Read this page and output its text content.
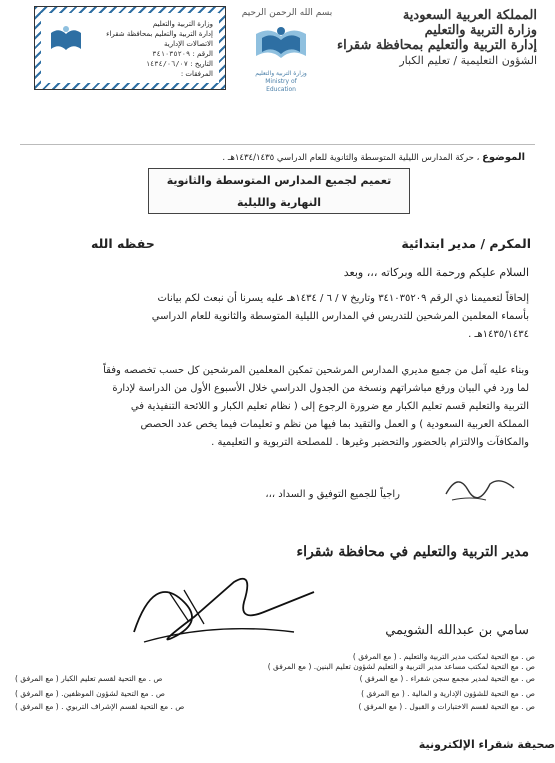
المملكة العربية السعودية
وزارة التربية والتعليم
إدارة التربية والتعليم بمحافظة شقراء
الشؤون التعليمية / تعليم الكبار
بسم الله الرحمن الرحيم
وزارة التربية والتعليم
Ministry of Education
وزارة التربية والتعليم
إدارة التربية والتعليم بمحافظة شقراء
الاتصالات الإدارية
الرقم : ٣٤١٠٣٥٢٠٩
التاريخ : ١٤٣٤/٠٦/٠٧
المرفقات :
الموضوع ، حركة المدارس الليلية المتوسطة والثانوية للعام الدراسي ١٤٣٤/١٤٣٥هـ .
تعميم لجميع المدارس المتوسطة والثانوية
النهارية والليلية
المكرم / مدير ابتدائية
حفظه الله
السلام عليكم ورحمة الله وبركاته ،،، وبعد
إلحاقاً لتعميمنا ذي الرقم ٣٤١٠٣٥٢٠٩ وتاريخ ٧ / ٦ / ١٤٣٤هـ عليه يسرنا أن نبعث لكم بيانات
بأسماء المعلمين المرشحين للتدريس في المدارس الليلية المتوسطة والثانوية للعام الدراسي
١٤٣٥/١٤٣٤هـ .
وبناء عليه آمل من جميع مديري المدارس المرشحين تمكين المعلمين المرشحين كل حسب تخصصه وفقاً
لما ورد في البيان ورفع مباشراتهم ونسخة من الجدول الدراسي خلال الأسبوع الأول من الدراسة لإدارة
التربية والتعليم قسم تعليم الكبار مع ضرورة الرجوع إلى ( نظام تعليم الكبار و اللائحة التنفيذية في
المملكة العربية السعودية ) و العمل والتقيد بما فيها من نظم و تعليمات فيما يخص عدد الحصص
والمكافآت والالتزام بالحضور والتحضير وغيرها . للمصلحة التربوية و التعليمية .
راجياً للجميع التوفيق و السداد ،،،
مدير التربية والتعليم في محافظة شقراء
سامي بن عبدالله الشويمي
ص . مع التحية لمكتب مدير التربية والتعليم . ( مع المرفق )
ص . مع التحية لمكتب مساعد مدير التربية و التعليم لشؤون تعليم البنين. ( مع المرفق )
ص . مع التحية لمدير مجمع سجن شقراء . ( مع المرفق )
ص . مع التحية لقسم تعليم الكبار ( مع المرفق )
ص . مع التحية للشؤون الإدارية و المالية . ( مع المرفق )
ص . مع التحية لشؤون الموظفين. ( مع المرفق )
ص . مع التحية لقسم الاختبارات و القبول . ( مع المرفق )
ص . مع التحية لقسم الإشراف التربوي . ( مع المرفق )
صحيفة شقراء الإلكترونية
